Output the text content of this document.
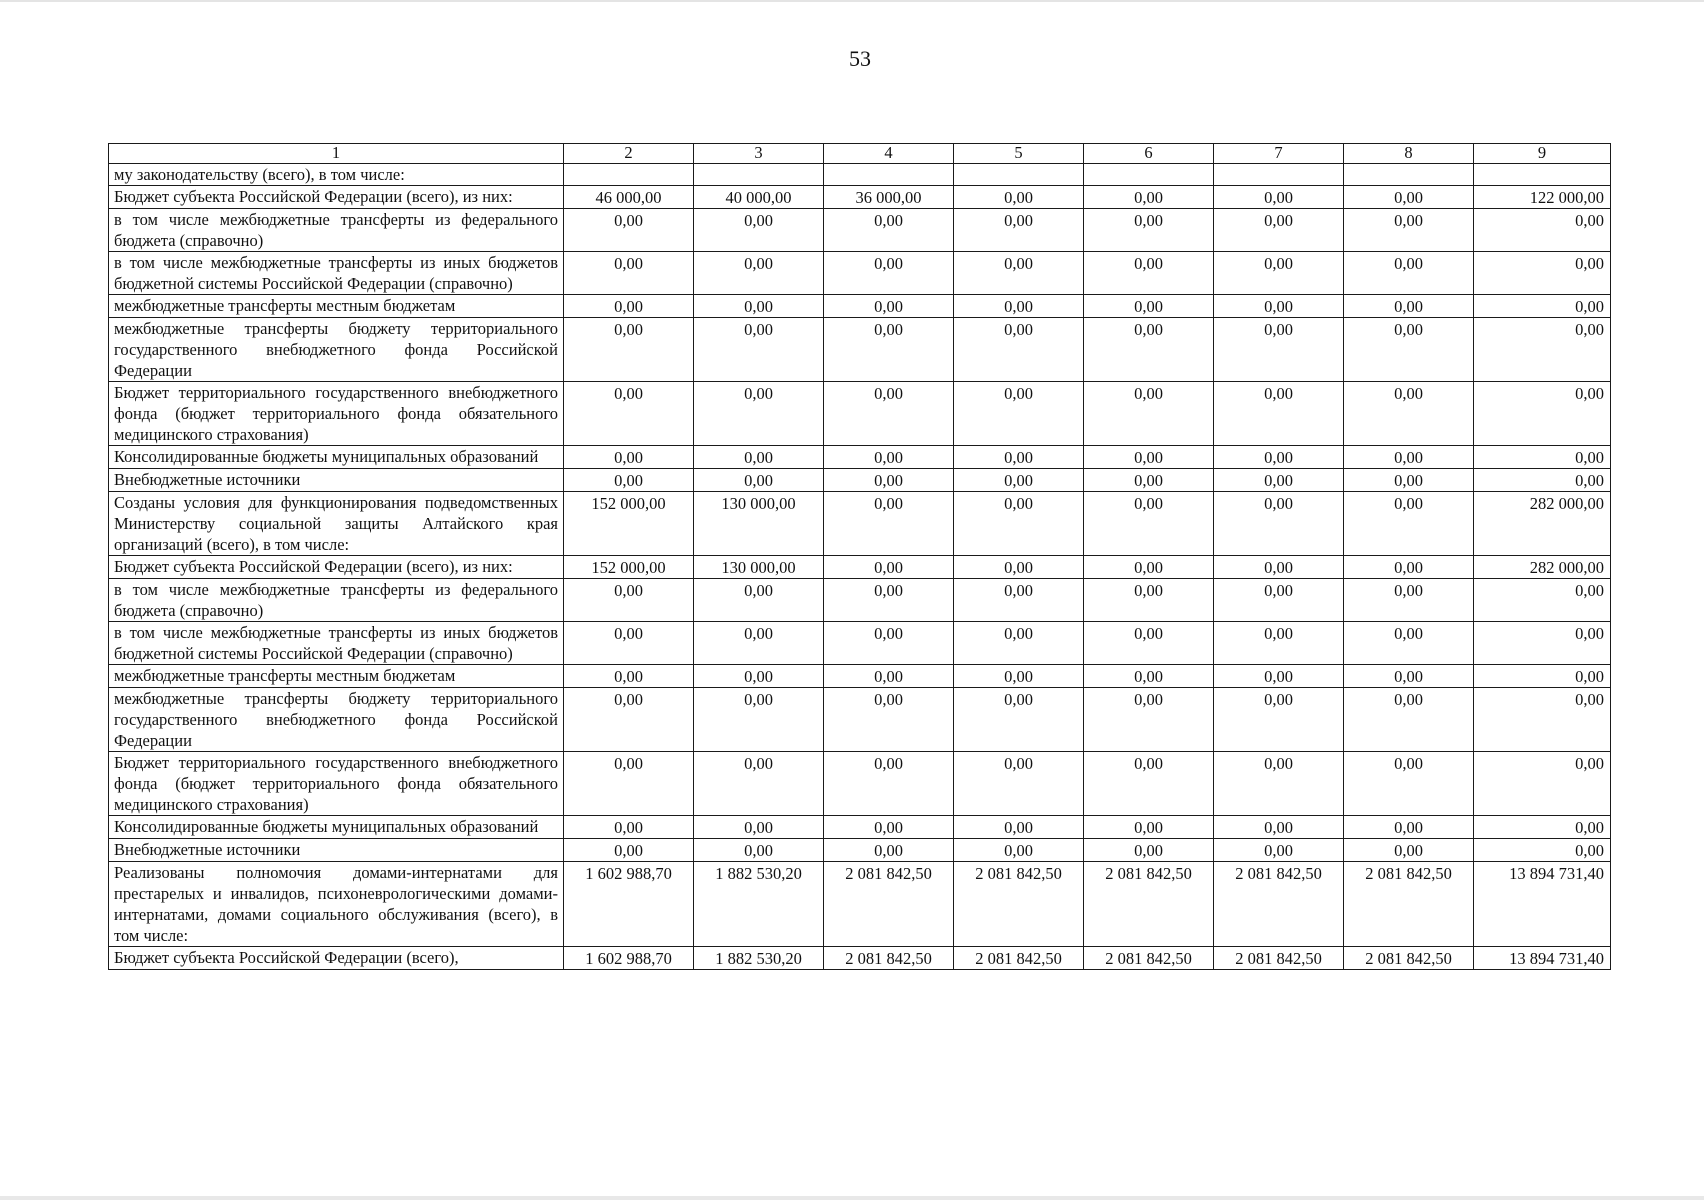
53
1	2	3	4	5	6	7	8	9
му законодательству (всего), в том числе:								
Бюджет субъекта Российской Федерации (всего), из них:	46 000,00	40 000,00	36 000,00	0,00	0,00	0,00	0,00	122 000,00
в том числе межбюджетные трансферты из федерального бюджета (справочно)	0,00	0,00	0,00	0,00	0,00	0,00	0,00	0,00
в том числе межбюджетные трансферты из иных бюджетов бюджетной системы Российской Федерации (справочно)	0,00	0,00	0,00	0,00	0,00	0,00	0,00	0,00
межбюджетные трансферты местным бюджетам	0,00	0,00	0,00	0,00	0,00	0,00	0,00	0,00
межбюджетные трансферты бюджету территориального государственного внебюджетного фонда Российской Федерации	0,00	0,00	0,00	0,00	0,00	0,00	0,00	0,00
Бюджет территориального государственного внебюджетного фонда (бюджет территориального фонда обязательного медицинского страхования)	0,00	0,00	0,00	0,00	0,00	0,00	0,00	0,00
Консолидированные бюджеты муниципальных образований	0,00	0,00	0,00	0,00	0,00	0,00	0,00	0,00
Внебюджетные источники	0,00	0,00	0,00	0,00	0,00	0,00	0,00	0,00
Созданы условия для функционирования подведомственных Министерству социальной защиты Алтайского края организаций (всего), в том числе:	152 000,00	130 000,00	0,00	0,00	0,00	0,00	0,00	282 000,00
Бюджет субъекта Российской Федерации (всего), из них:	152 000,00	130 000,00	0,00	0,00	0,00	0,00	0,00	282 000,00
в том числе межбюджетные трансферты из федерального бюджета (справочно)	0,00	0,00	0,00	0,00	0,00	0,00	0,00	0,00
в том числе межбюджетные трансферты из иных бюджетов бюджетной системы Российской Федерации (справочно)	0,00	0,00	0,00	0,00	0,00	0,00	0,00	0,00
межбюджетные трансферты местным бюджетам	0,00	0,00	0,00	0,00	0,00	0,00	0,00	0,00
межбюджетные трансферты бюджету территориального государственного внебюджетного фонда Российской Федерации	0,00	0,00	0,00	0,00	0,00	0,00	0,00	0,00
Бюджет территориального государственного внебюджетного фонда (бюджет территориального фонда обязательного медицинского страхования)	0,00	0,00	0,00	0,00	0,00	0,00	0,00	0,00
Консолидированные бюджеты муниципальных образований	0,00	0,00	0,00	0,00	0,00	0,00	0,00	0,00
Внебюджетные источники	0,00	0,00	0,00	0,00	0,00	0,00	0,00	0,00
Реализованы полномочия домами-интернатами для престарелых и инвалидов, психоневрологическими домами-интернатами, домами социального обслуживания (всего), в том числе:	1 602 988,70	1 882 530,20	2 081 842,50	2 081 842,50	2 081 842,50	2 081 842,50	2 081 842,50	13 894 731,40
Бюджет субъекта Российской Федерации (всего),	1 602 988,70	1 882 530,20	2 081 842,50	2 081 842,50	2 081 842,50	2 081 842,50	2 081 842,50	13 894 731,40
